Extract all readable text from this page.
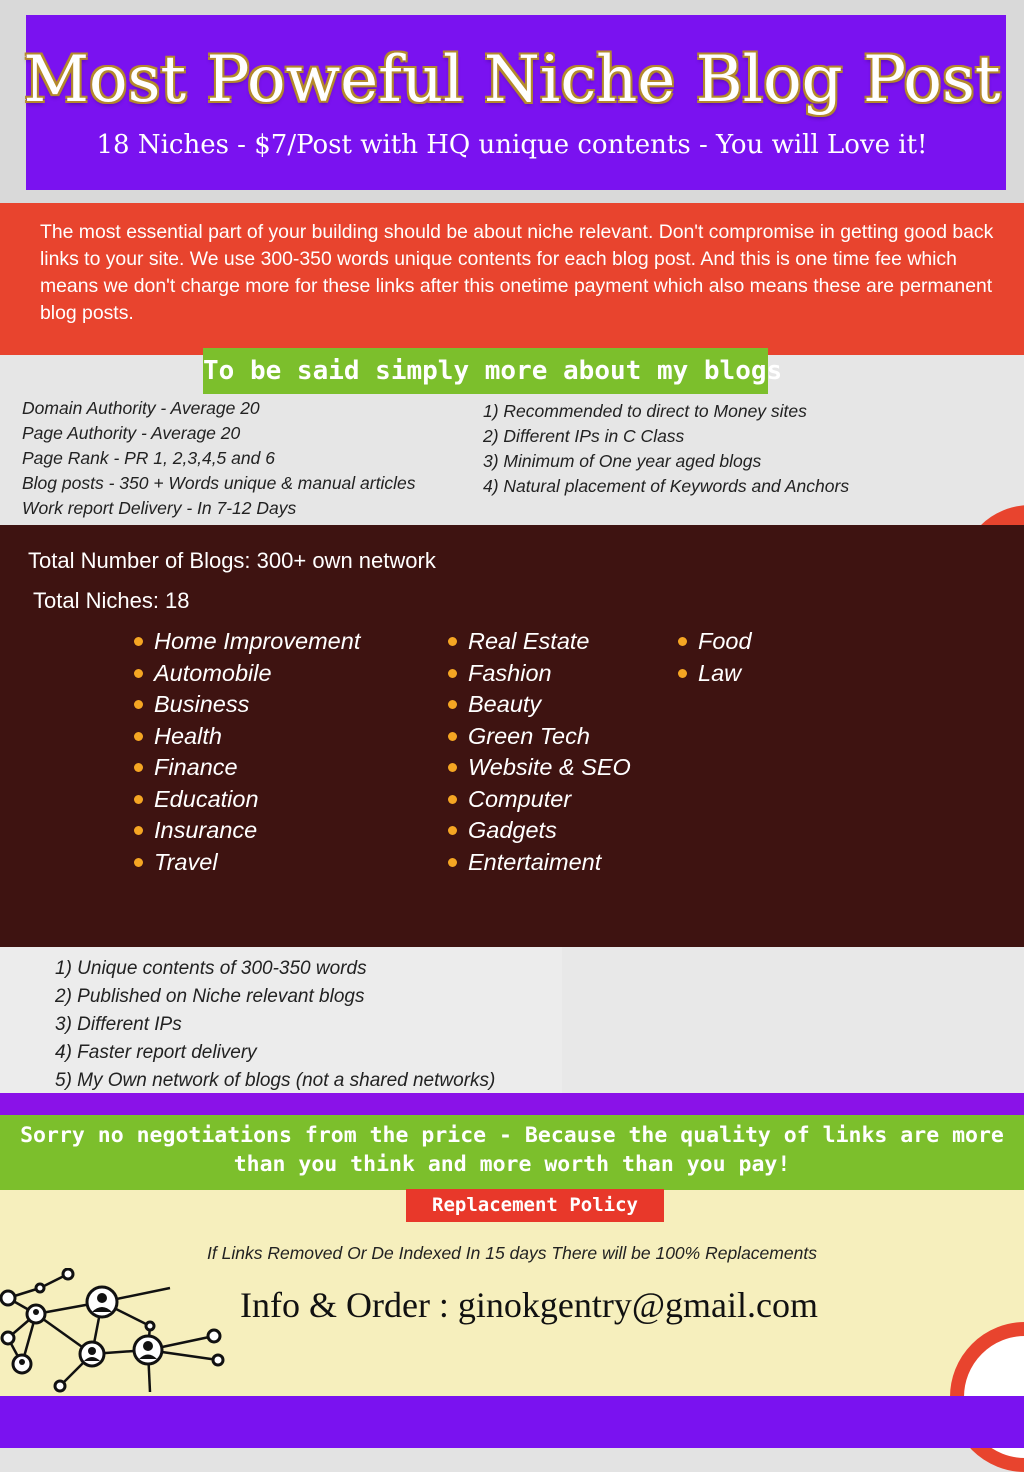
Most Poweful Niche Blog Post
18 Niches - $7/Post with HQ unique contents - You will Love it!

The most essential part of your building should be about niche relevant. Don't compromise in getting good back links to your site. We use 300-350 words unique contents for each blog post. And this is one time fee which means we don't charge more for these links after this onetime payment which also means these are permanent blog posts.

To be said simply more about my blogs

Domain Authority - Average 20

Page Authority - Average 20

Page Rank - PR 1, 2,3,4,5 and 6

Blog posts - 350 + Words unique & manual articles

Work report Delivery - In 7-12 Days

1) Recommended to direct to Money sites

2) Different IPs in C Class

3) Minimum of One year aged blogs

4) Natural placement of Keywords and Anchors

Total Number of Blogs: 300+ own network
Total Niches: 18
Home Improvement
Automobile
Business
Health
Finance
Education
Insurance
Travel
Real Estate
Fashion
Beauty
Green Tech
Website & SEO
Computer
Gadgets
Entertaiment
Food
Law
1) Unique contents of 300-350 words
2) Published on Niche relevant blogs
3) Different IPs
4) Faster report delivery
5) My Own network of blogs (not a shared networks)
Sorry no negotiations from the price - Because the quality of links are more than you think and more worth than you pay!
Replacement Policy
If Links Removed Or De Indexed In 15 days There will be 100% Replacements
Info & Order : ginokgentry@gmail.com
